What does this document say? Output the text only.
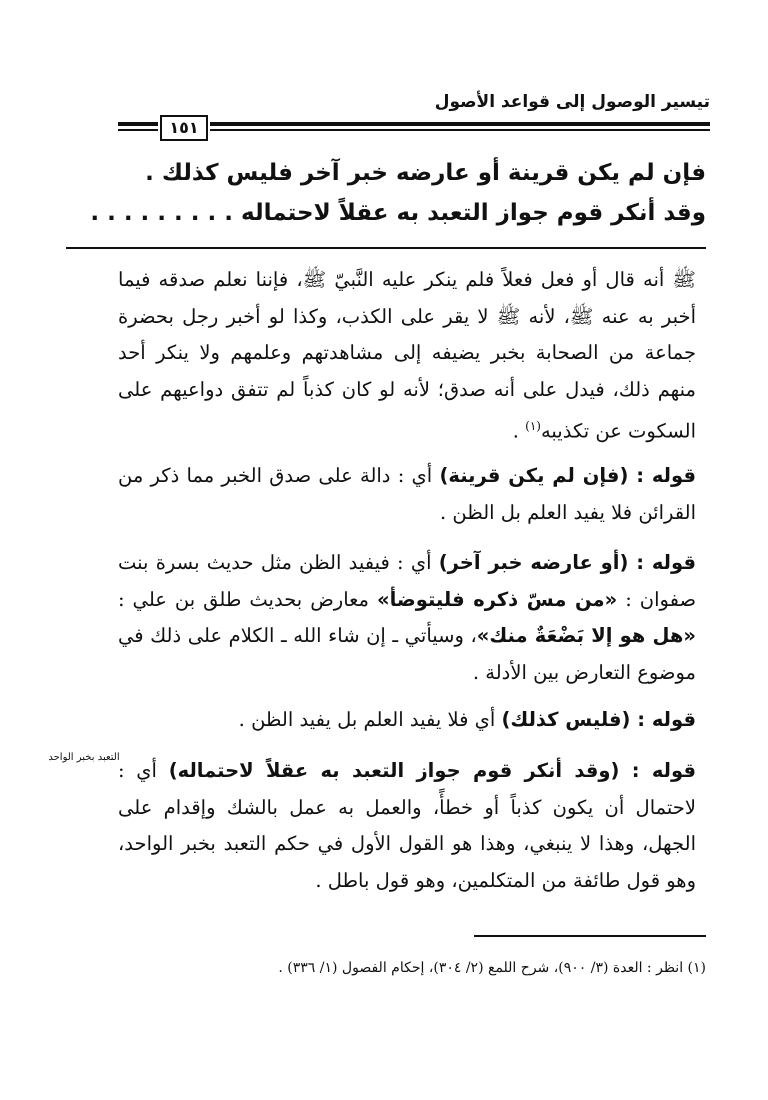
تيسير الوصول إلى قواعد الأصول
١٥١
فإن لم يكن قرينة أو عارضه خبر آخر فليس كذلك .
وقد أنكر قوم جواز التعبد به عقلاً لاحتماله . . . . . . . . .

ﷺ أنه قال أو فعل فعلاً فلم ينكر عليه النَّبيّ ﷺ، فإننا نعلم صدقه فيما أخبر به عنه ﷺ، لأنه ﷺ لا يقر على الكذب، وكذا لو أخبر رجل بحضرة جماعة من الصحابة بخبر يضيفه إلى مشاهدتهم وعلمهم ولا ينكر أحد منهم ذلك، فيدل على أنه صدق؛ لأنه لو كان كذباً لم تتفق دواعيهم على السكوت عن تكذيبه$^{(١)}$ .

قوله : (فإن لم يكن قرينة) أي : دالة على صدق الخبر مما ذكر من القرائن فلا يفيد العلم بل الظن .

قوله : (أو عارضه خبر آخر) أي : فيفيد الظن مثل حديث بسرة بنت صفوان : «من مسّ ذكره فليتوضأ» معارض بحديث طلق بن علي : «هل هو إلا بَضْعَةٌ منك»، وسيأتي ـ إن شاء الله ـ الكلام على ذلك في موضوع التعارض بين الأدلة .

قوله : (فليس كذلك) أي فلا يفيد العلم بل يفيد الظن .

قوله : (وقد أنكر قوم جواز التعبد به عقلاً لاحتماله) أي : لاحتمال أن يكون كذباً أو خطأً، والعمل به عمل بالشك وإقدام على الجهل، وهذا لا ينبغي، وهذا هو القول الأول في حكم التعبد بخبر الواحد، وهو قول طائفة من المتكلمين، وهو قول باطل .

التعبد بخبر الواحد
(١) انظر : العدة (٣/ ٩٠٠)، شرح اللمع (٢/ ٣٠٤)، إحكام الفصول (١/ ٣٣٦) .
